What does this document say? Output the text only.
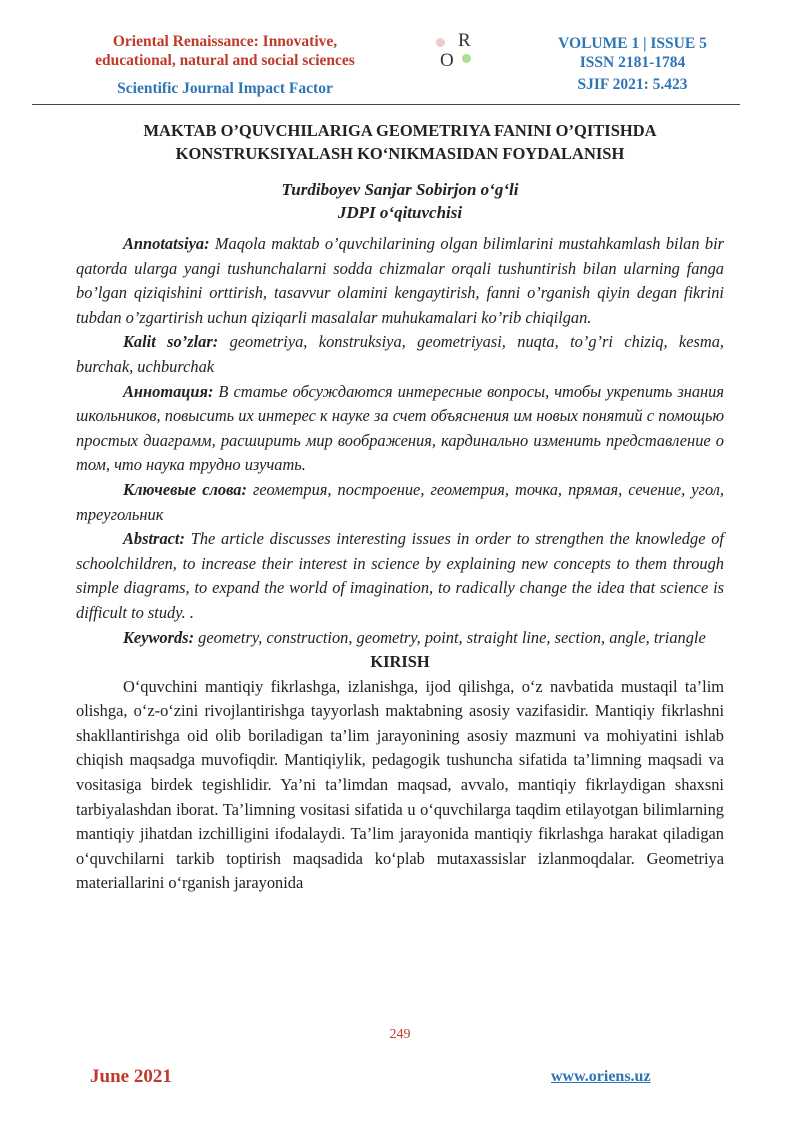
Oriental Renaissance: Innovative,
educational, natural and social sciences
Scientific Journal Impact Factor
R
O
VOLUME 1 | ISSUE 5
ISSN 2181-1784
SJIF 2021: 5.423
MAKTAB O’QUVCHILARIGA GEOMETRIYA FANINI O’QITISHDA
KONSTRUKSIYALASH KO‘NIKMASIDAN FOYDALANISH
Turdiboyev Sanjar Sobirjon o‘g‘li
JDPI o‘qituvchisi

Annotatsiya: Maqola maktab o’quvchilarining olgan bilimlarini mustahkamlash bilan bir qatorda ularga yangi tushunchalarni sodda chizmalar orqali tushuntirish bilan ularning fanga bo’lgan qiziqishini orttirish, tasavvur olamini kengaytirish, fanni o’rganish qiyin degan fikrini tubdan o’zgartirish uchun qiziqarli masalalar muhukamalari ko’rib chiqilgan.

Kalit so’zlar: geometriya, konstruksiya, geometriyasi, nuqta, to’g’ri chiziq, kesma, burchak, uchburchak

Аннотация: В статье обсуждаются интересные вопросы, чтобы укрепить знания школьников, повысить их интерес к науке за счет объяснения им новых понятий с помощью простых диаграмм, расширить мир воображения, кардинально изменить представление о том, что наука трудно изучать.

Ключевые слова: геометрия, построение, геометрия, точка, прямая, сечение, угол, треугольник

Abstract: The article discusses interesting issues in order to strengthen the knowledge of schoolchildren, to increase their interest in science by explaining new concepts to them through simple diagrams, to expand the world of imagination, to radically change the idea that science is difficult to study. .

Keywords: geometry, construction, geometry, point, straight line, section, angle, triangle

KIRISH

O‘quvchini mantiqiy fikrlashga, izlanishga, ijod qilishga, o‘z navbatida mustaqil ta’lim olishga, o‘z-o‘zini rivojlantirishga tayyorlash maktabning asosiy vazifasidir. Mantiqiy fikrlashni shakllantirishga oid olib boriladigan ta’lim jarayonining asosiy mazmuni va mohiyatini ishlab chiqish maqsadga muvofiqdir. Mantiqiylik, pedagogik tushuncha sifatida ta’limning maqsadi va vositasiga birdek tegishlidir. Ya’ni ta’limdan maqsad, avvalo, mantiqiy fikrlaydigan shaxsni tarbiyalashdan iborat. Ta’limning vositasi sifatida u o‘quvchilarga taqdim etilayotgan bilimlarning mantiqiy jihatdan izchilligini ifodalaydi. Ta’lim jarayonida mantiqiy fikrlashga harakat qiladigan o‘quvchilarni tarkib toptirish maqsadida ko‘plab mutaxassislar izlanmoqdalar. Geometriya materiallarini o‘rganish jarayonida

249
June 2021	www.oriens.uz
